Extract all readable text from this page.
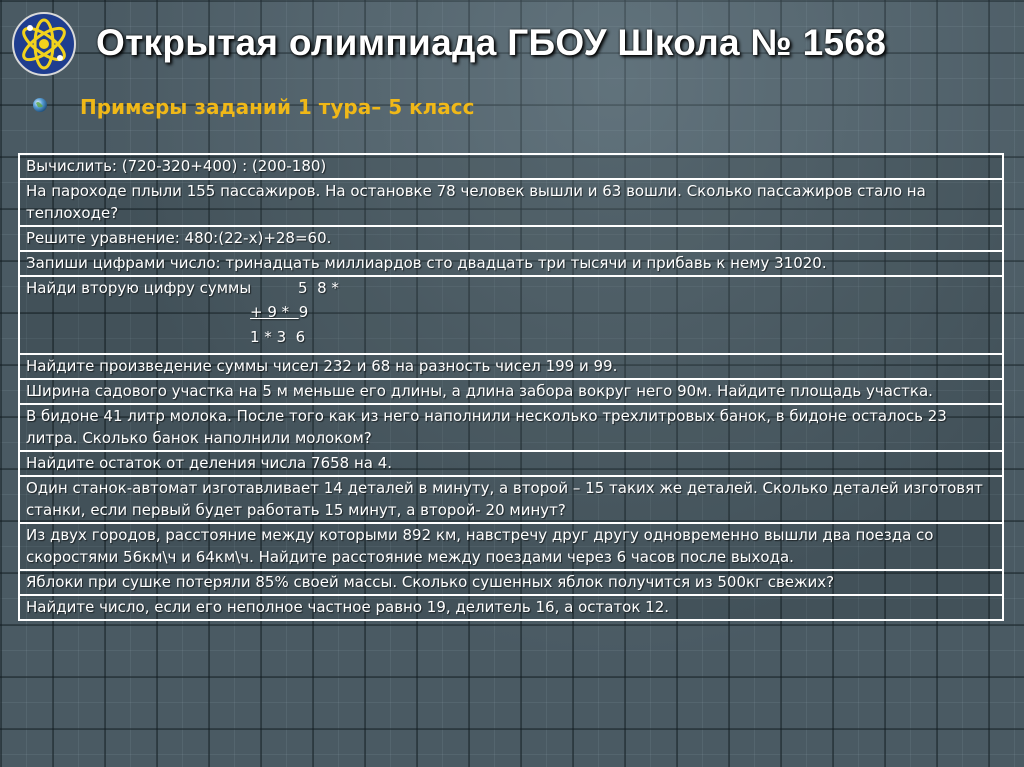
Открытая олимпиада ГБОУ Школа № 1568
Примеры заданий 1 тура– 5 класс
Вычислить: (720-320+400) : (200-180)
На пароходе плыли 155 пассажиров. На остановке 78 человек вышли и 63 вошли. Сколько пассажиров стало на теплоходе?
Решите уравнение: 480:(22-х)+28=60.
Запиши цифрами число: тринадцать миллиардов сто двадцать три тысячи и прибавь к нему 31020.

Найди вторую цифру суммы	5  8 *
+ 9 *  9
1 * 3  6

Найдите произведение суммы чисел 232 и 68 на разность чисел 199 и 99.
Ширина садового участка на 5 м меньше его длины, а длина забора вокруг него 90м. Найдите площадь участка.
В бидоне 41 литр молока. После того как из него наполнили несколько трехлитровых банок, в бидоне осталось 23 литра. Сколько банок наполнили молоком?
Найдите остаток от деления числа 7658 на 4.
Один станок-автомат изготавливает 14 деталей в минуту, а второй – 15 таких же деталей. Сколько деталей изготовят станки, если первый будет работать 15 минут, а второй- 20 минут?
Из двух городов, расстояние между которыми 892 км, навстречу друг другу одновременно вышли два поезда со скоростями 56км\ч и 64км\ч. Найдите расстояние между поездами через 6 часов после выхода.
Яблоки при сушке потеряли 85% своей массы. Сколько сушенных яблок получится из 500кг свежих?
Найдите число, если его неполное частное равно 19, делитель 16, а остаток 12.
